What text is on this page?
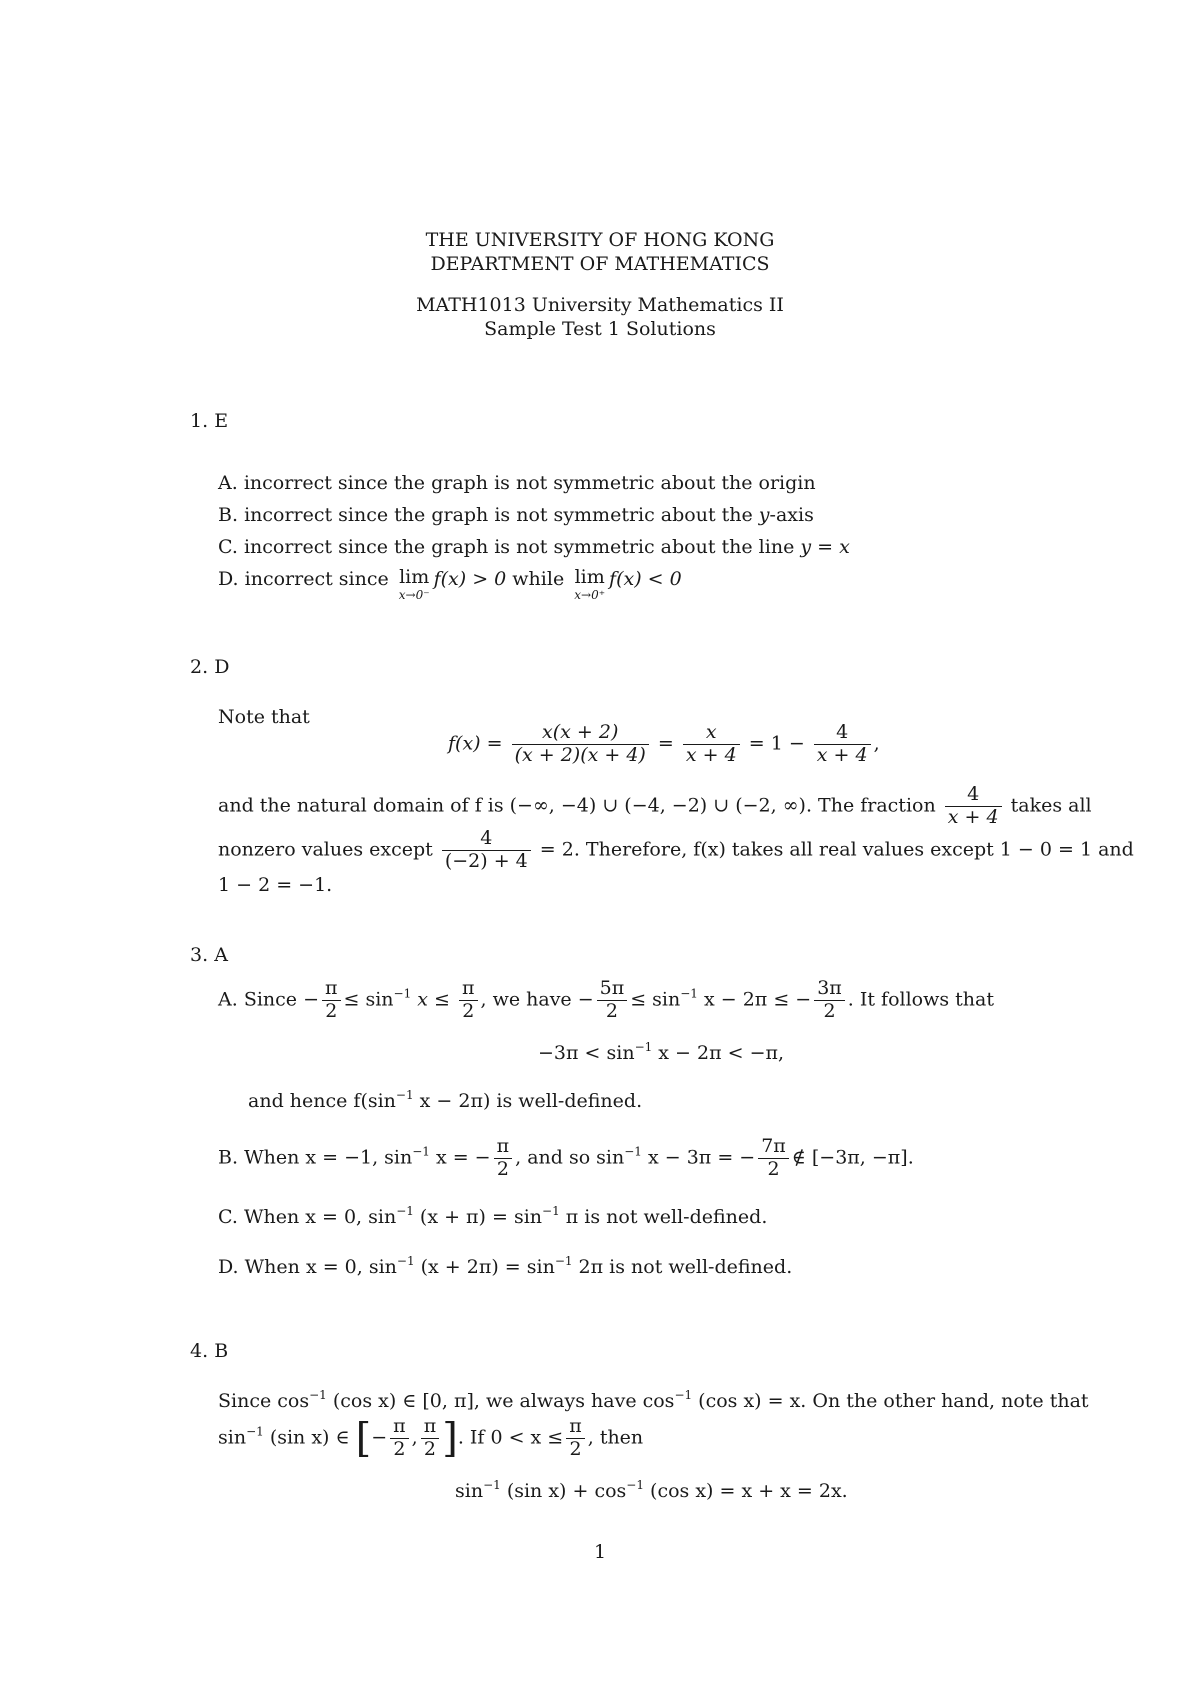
THE UNIVERSITY OF HONG KONG
DEPARTMENT OF MATHEMATICS
MATH1013 University Mathematics II
Sample Test 1 Solutions
1. E
A. incorrect since the graph is not symmetric about the origin
B. incorrect since the graph is not symmetric about the y-axis
C. incorrect since the graph is not symmetric about the line y = x
D. incorrect since lim
x→0⁻
f(x) > 0 while lim
x→0⁺
f(x) < 0
2. D
Note that
$f(x) = \frac{x(x + 2)}{(x + 2)(x + 4)} = \frac{x}{x + 4} = 1 - \frac{4}{x + 4}$ ,
and the natural domain of f is (−∞, −4) ∪ (−4, −2) ∪ (−2, ∞). The fraction $\frac{4}{x + 4}$ takes all
nonzero values except $\frac{4}{(-2) + 4} = 2$. Therefore, f(x) takes all real values except 1 − 0 = 1 and
1 − 2 = −1.
3. A
A. Since − $\frac{\pi}{2} \le \sin^{-1} x \le \frac{\pi}{2}$ , we have − $\frac{5\pi}{2} \le \sin^{-1} x - 2\pi$ ≤ − $\frac{3\pi}{2}$ . It follows that
$-3\pi < \sin^{-1} x - 2\pi < -\pi$,
and hence $f(\sin^{-1}$ x − 2π) is well-defined.
B. When x = −1, $\sin^{-1} x$ = − $\frac{\pi}{2}$ , and so $\sin^{-1} x - 3\pi$ = − $\frac{7\pi}{2}$ ∉ [−3π, −π].
C. When x = 0, $\sin^{-1} (x + \pi) = \sin^{-1} \pi$ is not well-defined.
D. When x = 0, $\sin^{-1} (x + 2\pi) = \sin^{-1} 2\pi$ is not well-defined.
4. B
Since $\cos^{-1} (\cos$ x) ∈ [0, π], we always have $\cos^{-1} (\cos$ x) = x. On the other hand, note that
$\sin^{-1} (\sin$ x) ∈ [− $\frac{\pi}{2}$ , $\frac{\pi}{2}$ ]. If $0 < x \le \frac{\pi}{2}$ , then
$\sin^{-1} (\sin$ $x) + \cos^{-1} (\cos$ x) = x + x = 2x.
1
